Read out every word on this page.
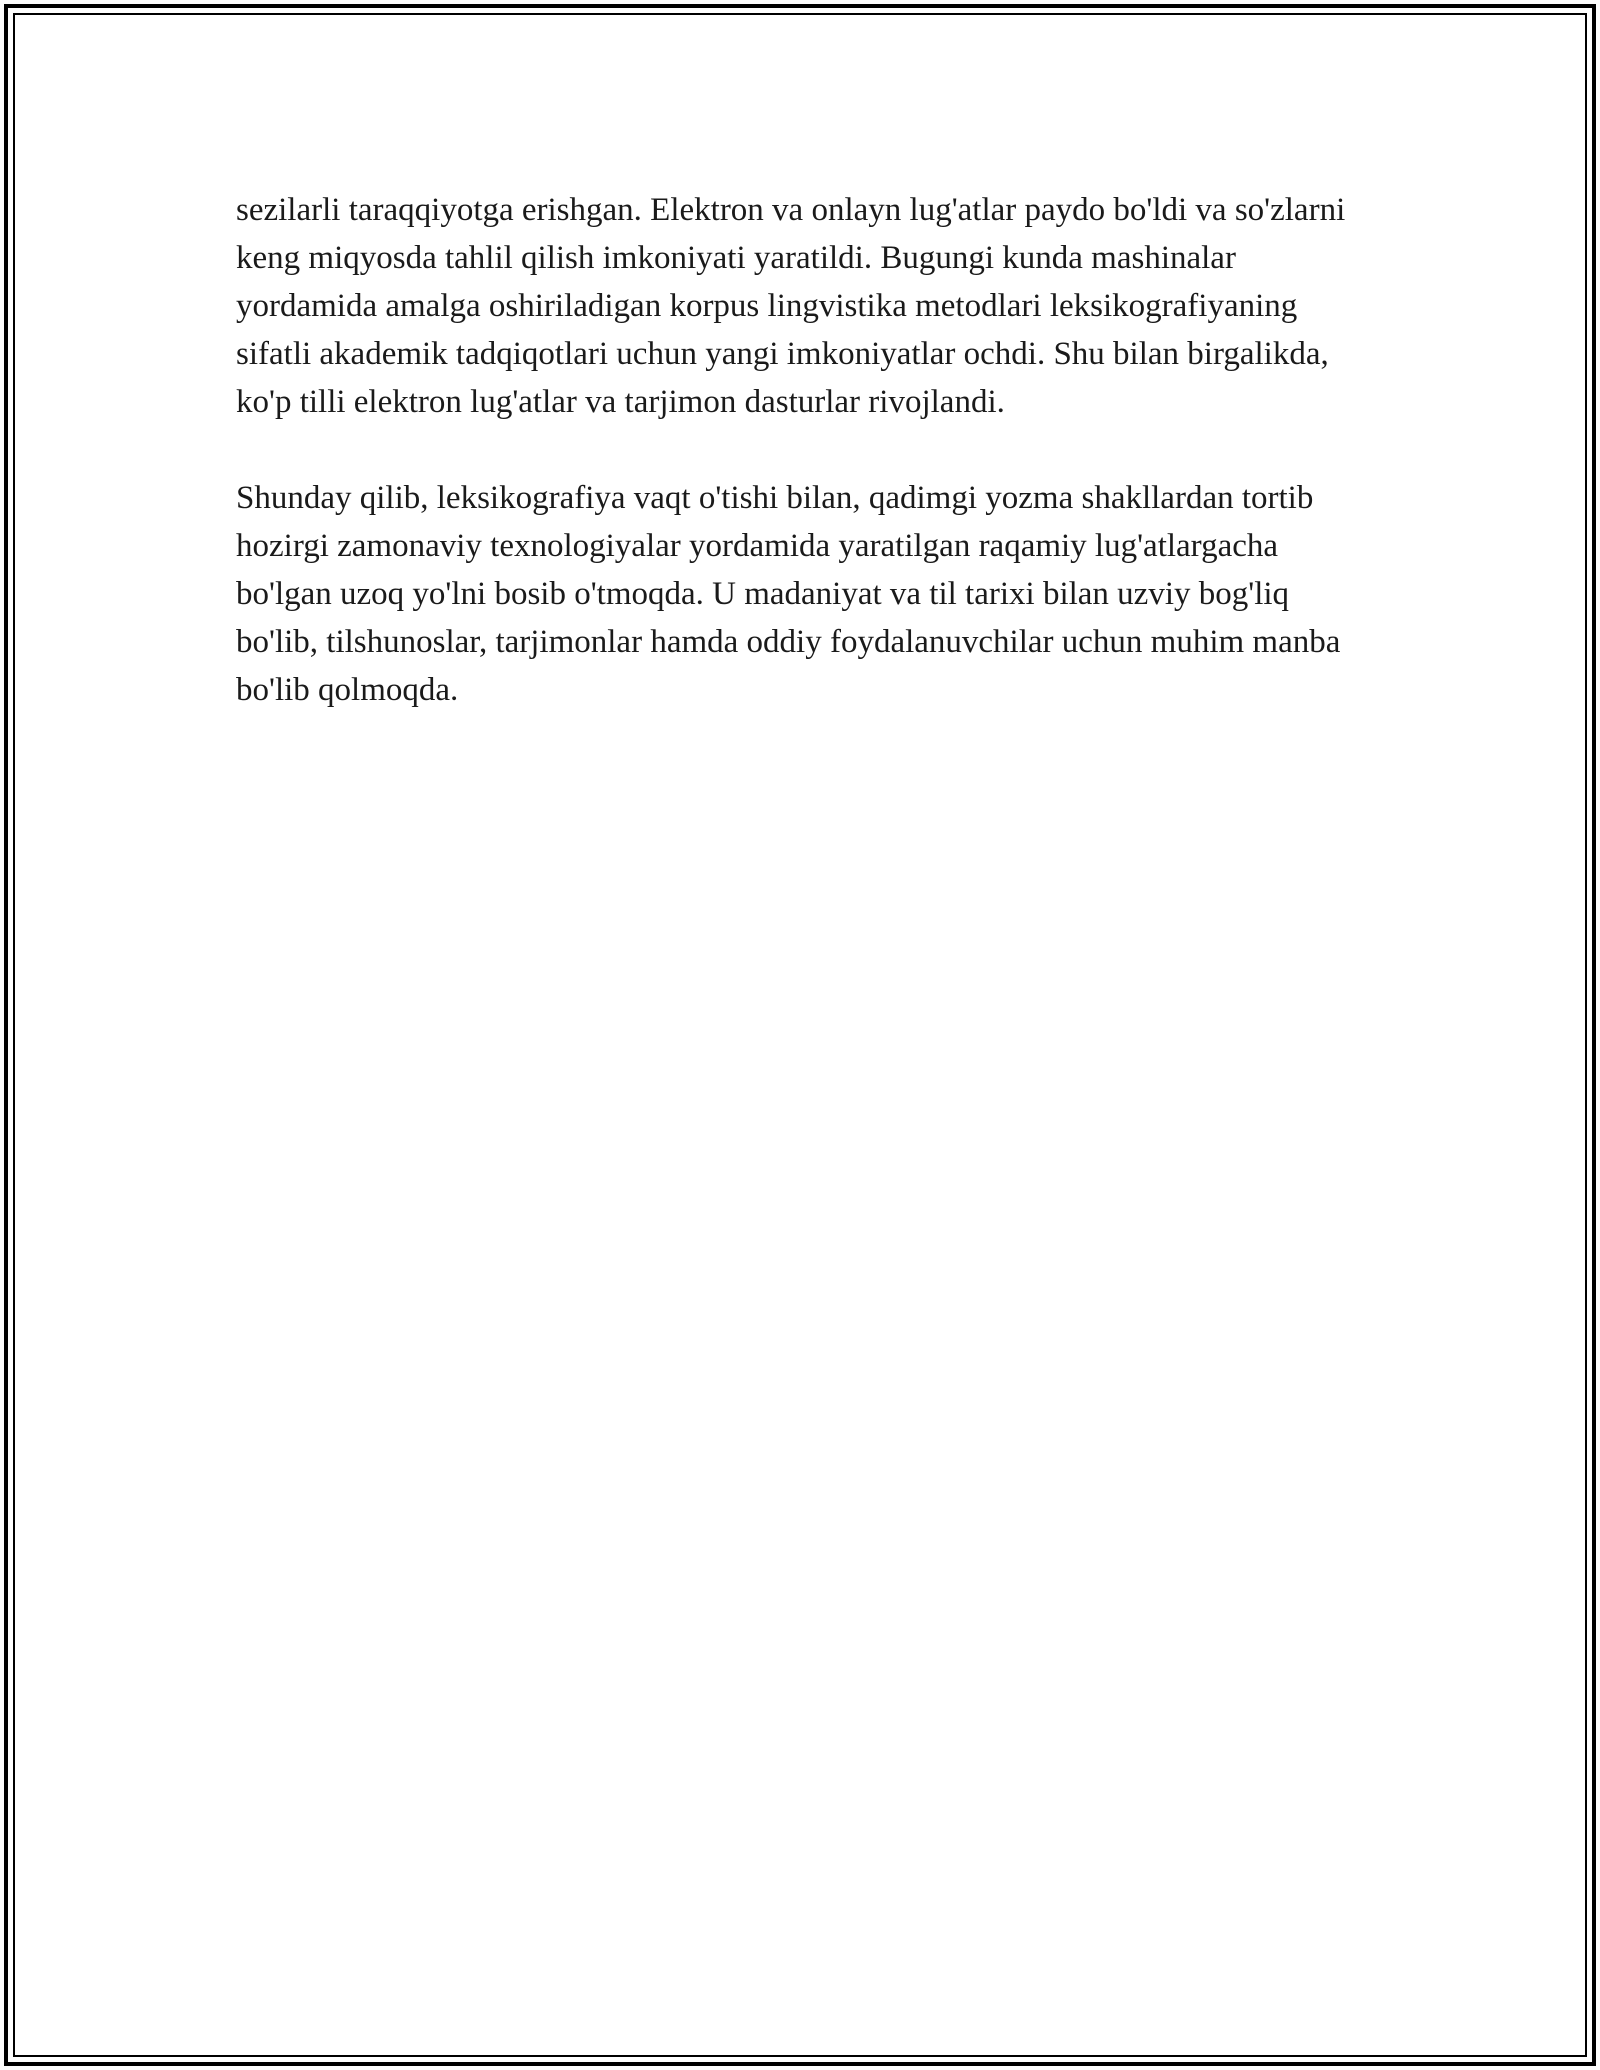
sezilarli taraqqiyotga erishgan. Elektron va onlayn lug'atlar paydo bo'ldi va so'zlarni keng miqyosda tahlil qilish imkoniyati yaratildi. Bugungi kunda mashinalar yordamida amalga oshiriladigan korpus lingvistika metodlari leksikografiyaning sifatli akademik tadqiqotlari uchun yangi imkoniyatlar ochdi. Shu bilan birgalikda, ko'p tilli elektron lug'atlar va tarjimon dasturlar rivojlandi.

Shunday qilib, leksikografiya vaqt o'tishi bilan, qadimgi yozma shakllardan tortib hozirgi zamonaviy texnologiyalar yordamida yaratilgan raqamiy lug'atlargacha bo'lgan uzoq yo'lni bosib o'tmoqda. U madaniyat va til tarixi bilan uzviy bog'liq bo'lib, tilshunoslar, tarjimonlar hamda oddiy foydalanuvchilar uchun muhim manba bo'lib qolmoqda.
